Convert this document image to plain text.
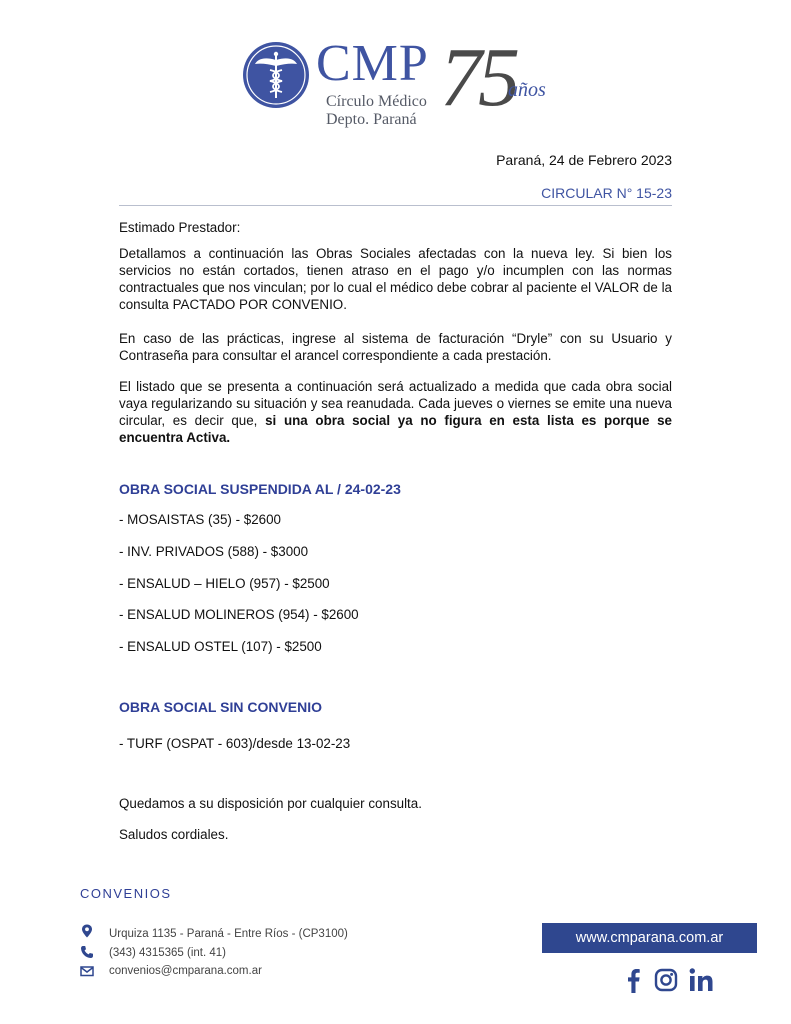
CMP
Círculo Médico
Depto. Paraná 75
años
Paraná, 24 de Febrero 2023
CIRCULAR N° 15-23
Estimado Prestador:
Detallamos a continuación las Obras Sociales afectadas con la nueva ley. Si bien los servicios no están cortados, tienen atraso en el pago y/o incumplen con las normas contractuales que nos vinculan; por lo cual el médico debe cobrar al paciente el VALOR de la consulta PACTADO POR CONVENIO.
En caso de las prácticas, ingrese al sistema de facturación “Dryle” con su Usuario y Contraseña para consultar el arancel correspondiente a cada prestación.
El listado que se presenta a continuación será actualizado a medida que cada obra social vaya regularizando su situación y sea reanudada. Cada jueves o viernes se emite una nueva circular, es decir que, si una obra social ya no figura en esta lista es porque se encuentra Activa.
OBRA SOCIAL SUSPENDIDA AL / 24-02-23
- MOSAISTAS (35) - $2600
- INV. PRIVADOS (588) - $3000
- ENSALUD – HIELO (957) - $2500
- ENSALUD MOLINEROS (954) - $2600
- ENSALUD OSTEL (107) - $2500
OBRA SOCIAL SIN CONVENIO
- TURF (OSPAT - 603)/desde 13-02-23
Quedamos a su disposición por cualquier consulta.
Saludos cordiales.
CONVENIOS
Urquiza 1135 - Paraná - Entre Ríos - (CP3100)
(343) 4315365 (int. 41)
convenios@cmparana.com.ar
www.cmparana.com.ar
